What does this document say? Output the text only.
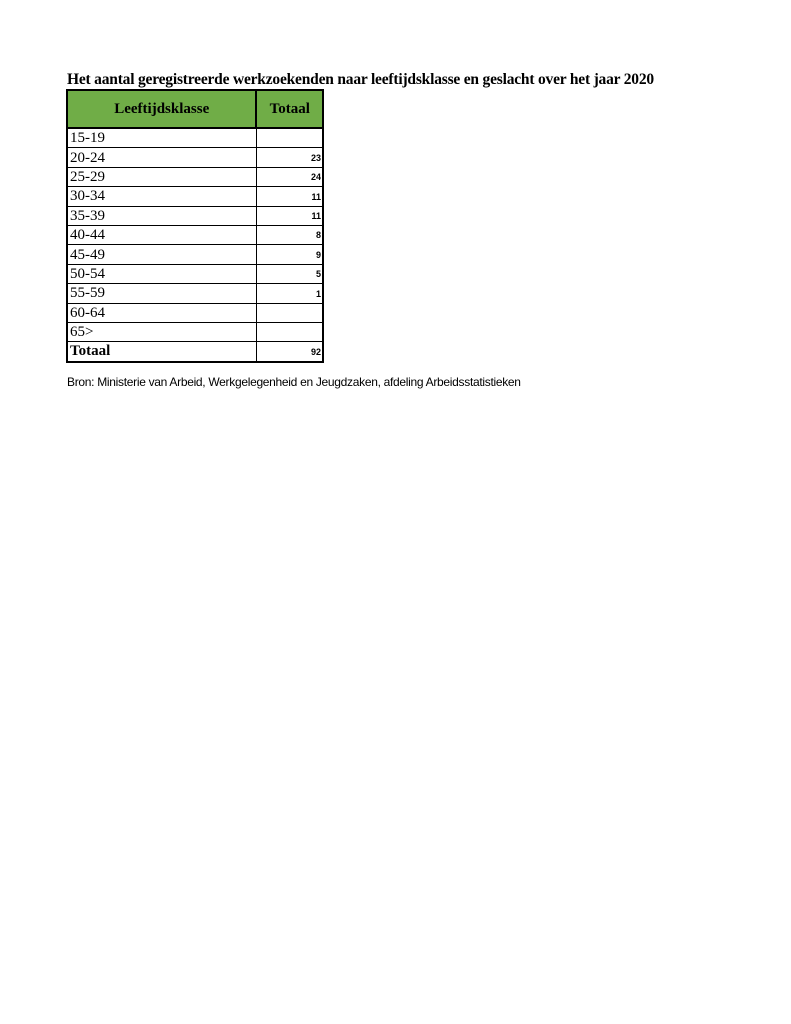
Het aantal geregistreerde werkzoekenden naar leeftijdsklasse en geslacht over het jaar 2020
Leeftijdsklasse	Totaal
15-19	
20-24	23
25-29	24
30-34	11
35-39	11
40-44	8
45-49	9
50-54	5
55-59	1
60-64	
65>	
Totaal	92
Bron: Ministerie van Arbeid, Werkgelegenheid en Jeugdzaken, afdeling Arbeidsstatistieken
